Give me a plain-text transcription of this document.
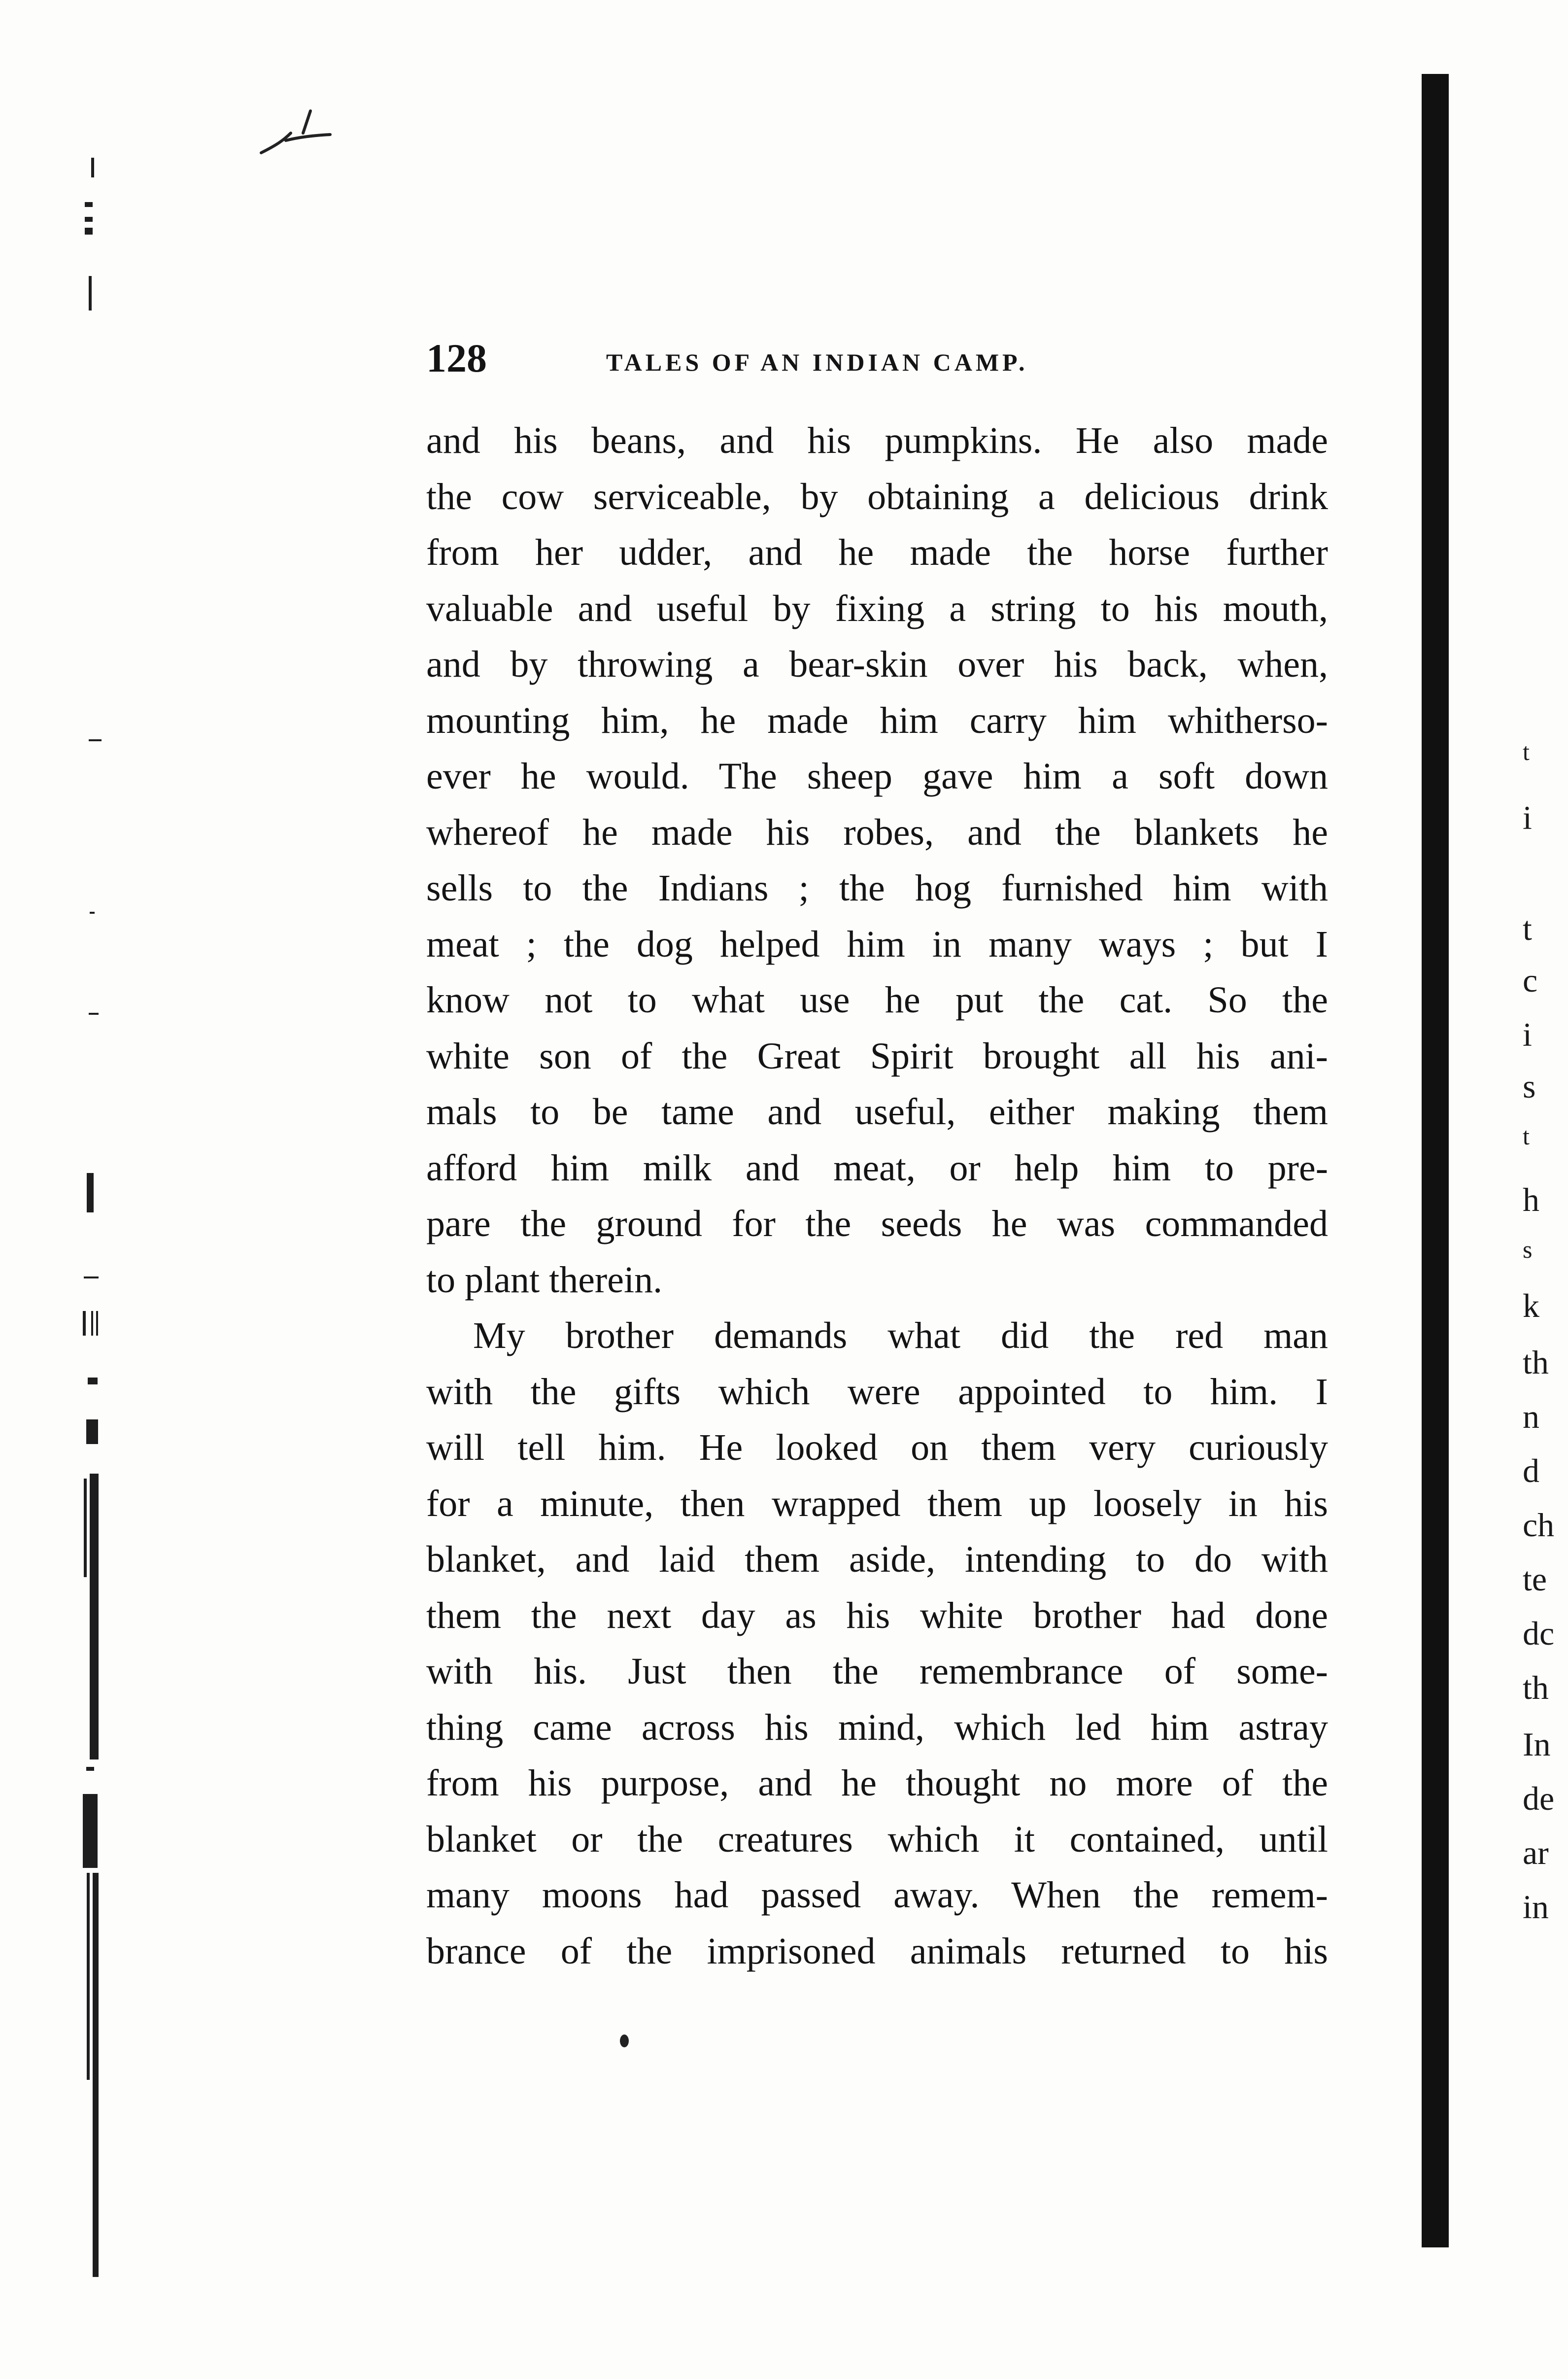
128	TALES OF AN INDIAN CAMP.
and his beans, and his pumpkins. He also made
the cow serviceable, by obtaining a delicious drink
from her udder, and he made the horse further
valuable and useful by fixing a string to his mouth,
and by throwing a bear-skin over his back, when,
mounting him, he made him carry him whitherso-
ever he would. The sheep gave him a soft down
whereof he made his robes, and the blankets he
sells to the Indians ; the hog furnished him with
meat ; the dog helped him in many ways ; but I
know not to what use he put the cat. So the
white son of the Great Spirit brought all his ani-
mals to be tame and useful, either making them
afford him milk and meat, or help him to pre-
pare the ground for the seeds he was commanded
to plant therein.
My brother demands what did the red man
with the gifts which were appointed to him. I
will tell him. He looked on them very curiously
for a minute, then wrapped them up loosely in his
blanket, and laid them aside, intending to do with
them the next day as his white brother had done
with his. Just then the remembrance of some-
thing came across his mind, which led him astray
from his purpose, and he thought no more of the
blanket or the creatures which it contained, until
many moons had passed away. When the remem-
brance of the imprisoned animals returned to his
t
i
t
c
i
s
t
h
s
k
th
n
d
ch
te
dc
th
In
de
ar
in
